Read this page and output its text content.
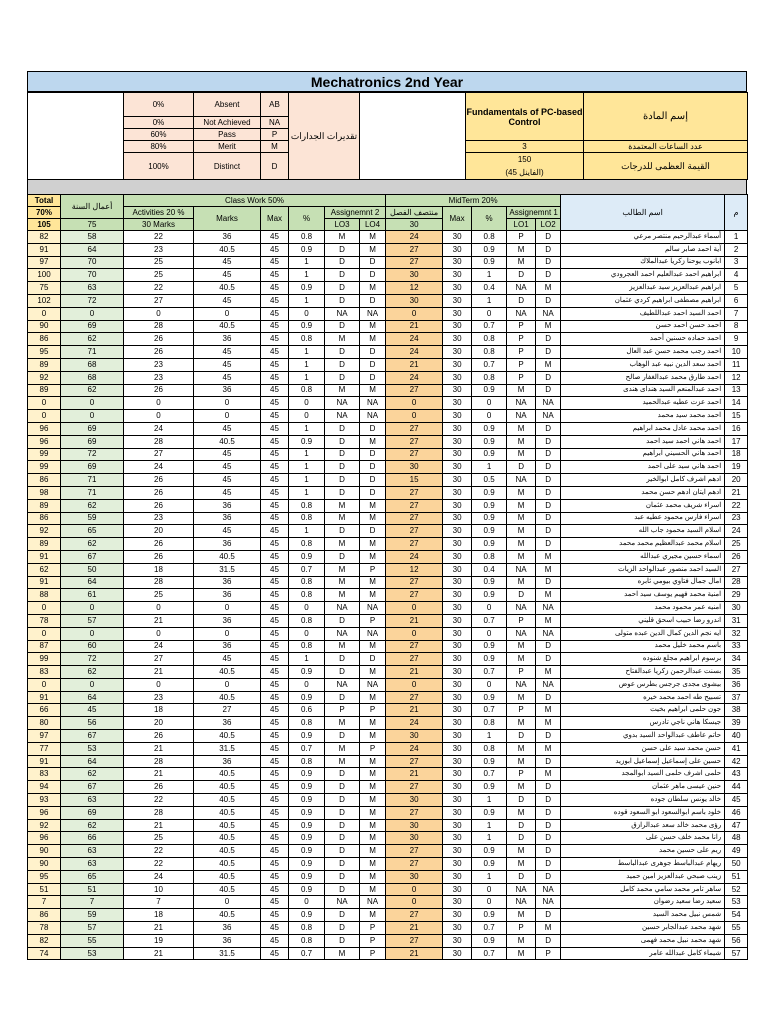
Mechatronics 2nd Year
	0%	Absent	AB	تقديرات الجدارات		Fundamentals of PC-based Control	إسم المادة
	0%	Not Achieved	NA				
	60%	Pass	P				
	80%	Merit	M			3	عدد الساعات المعتمدة
	100%	Distinct	D			150	القيمة العظمى للدرجات
						(الفاينل 45)	
Total	أعمال السنة	Class Work 50%						MidTerm 20%					اسم الطالب	م
70%		Activities 20 %	Marks	Max	%	Assignemnt 2		منتصف الفصل	Max	%	Assignemnt 1			
105	75	30 Marks				LO3	LO4	30			LO1	LO2		
82	58	22	36	45	0.8	M	M	24	30	0.8	P	D	أسماء عبدالرحيم منتصر مرعي	1
91	64	23	40.5	45	0.9	D	M	27	30	0.9	M	D	آية احمد صابر سالم	2
97	70	25	45	45	1	D	D	27	30	0.9	M	D	ابانوب يوحنا زكريا عبدالملاك	3
100	70	25	45	45	1	D	D	30	30	1	D	D	ابراهيم احمد عبدالعليم احمد العجرودي	4
75	63	22	40.5	45	0.9	D	M	12	30	0.4	NA	M	ابراهيم عبدالعزيز سيد عبدالعزيز	5
102	72	27	45	45	1	D	D	30	30	1	D	D	ابراهيم مصطفى ابراهيم كردي عثمان	6
0	0	0	0	45	0	NA	NA	0	30	0	NA	NA	احمد السيد احمد عبداللطيف	7
90	69	28	40.5	45	0.9	D	M	21	30	0.7	P	M	احمد حسن احمد حسن	8
86	62	26	36	45	0.8	M	M	24	30	0.8	P	D	احمد حماده حسنين أحمد	9
95	71	26	45	45	1	D	D	24	30	0.8	P	D	احمد رجب محمد حسن عبد العال	10
89	68	23	45	45	1	D	D	21	30	0.7	P	M	احمد سعد الدين نبيه عبد الوهاب	11
92	68	23	45	45	1	D	D	24	30	0.8	P	D	احمد طارق محمد عبدالغفار صالح	12
89	62	26	36	45	0.8	M	M	27	30	0.9	M	D	احمد عبدالمنعم السيد هنداى هندى	13
0	0	0	0	45	0	NA	NA	0	30	0	NA	NA	احمد عزت عطيه عبدالحميد	14
0	0	0	0	45	0	NA	NA	0	30	0	NA	NA	احمد محمد سيد محمد	15
96	69	24	45	45	1	D	D	27	30	0.9	M	D	احمد محمد عادل محمد ابراهيم	16
96	69	28	40.5	45	0.9	D	M	27	30	0.9	M	D	احمد هاني احمد سيد احمد	17
99	72	27	45	45	1	D	D	27	30	0.9	M	D	احمد هاني الحسيني ابراهيم	18
99	69	24	45	45	1	D	D	30	30	1	D	D	احمد هاني سيد على احمد	19
86	71	26	45	45	1	D	D	15	30	0.5	NA	D	ادهم اشرف كامل ابوالخير	20
98	71	26	45	45	1	D	D	27	30	0.9	M	D	ادهم ايتان ادهم حسن محمد	21
89	62	26	36	45	0.8	M	M	27	30	0.9	M	D	اسراء شريف محمد عثمان	22
86	59	23	36	45	0.8	M	M	27	30	0.9	M	D	اسراء فارس محمود عطيه عبد	23
92	65	20	45	45	1	D	D	27	30	0.9	M	D	اسلام السيد محمود جاب الله	24
89	62	26	36	45	0.8	M	M	27	30	0.9	M	D	اسلام محمد عبدالعظيم محمد محمد	25
91	67	26	40.5	45	0.9	D	M	24	30	0.8	M	M	اسماء حسين مجيري عبدالله	26
62	50	18	31.5	45	0.7	M	P	12	30	0.4	NA	M	السيد احمد منصور عبدالواحد الزيات	27
91	64	28	36	45	0.8	M	M	27	30	0.9	M	D	امال جمال فتاوي بيومي ثابره	28
88	61	25	36	45	0.8	M	M	27	30	0.9	D	M	امنية محمد فهيم يوسف سيد احمد	29
0	0	0	0	45	0	NA	NA	0	30	0	NA	NA	امنيه عمر محمود محمد	30
78	57	21	36	45	0.8	D	P	21	30	0.7	P	M	اندرو رضا حبيب اسحق قليني	31
0	0	0	0	45	0	NA	NA	0	30	0	NA	NA	ايه نجم الدين كمال الدين عبده متولى	32
87	60	24	36	45	0.8	M	M	27	30	0.9	M	D	باسم محمد خليل محمد	33
99	72	27	45	45	1	D	D	27	30	0.9	M	D	برسوم ابراهيم مجلع شنوده	34
83	62	21	40.5	45	0.9	D	M	21	30	0.7	P	M	بسنت عبدالرحمن زكريا عبدالفتاح	35
0	0	0	0	45	0	NA	NA	0	30	0	NA	NA	بيشوى مجدى جرجس بطرس عوض	36
91	64	23	40.5	45	0.9	D	M	27	30	0.9	M	D	تسبيح طه احمد محمد خيره	37
66	45	18	27	45	0.6	P	P	21	30	0.7	P	M	جون حلمى ابراهيم بخيت	38
80	56	20	36	45	0.8	M	M	24	30	0.8	M	M	جيسكا هاني ناجي تادرس	39
97	67	26	40.5	45	0.9	D	M	30	30	1	D	D	حاتم عاطف عبدالواحد السيد بدوي	40
77	53	21	31.5	45	0.7	M	P	24	30	0.8	M	M	حسن محمد سيد على حسن	41
91	64	28	36	45	0.8	M	M	27	30	0.9	M	D	حسين على إسماعيل إسماعيل ابوزيد	42
83	62	21	40.5	45	0.9	D	M	21	30	0.7	P	M	حلمى اشرف حلمى السيد ابوالمجد	43
94	67	26	40.5	45	0.9	D	M	27	30	0.9	M	D	حنين عيسى ماهر عثمان	44
93	63	22	40.5	45	0.9	D	M	30	30	1	D	D	خالد يونس سلطان جوده	45
96	69	28	40.5	45	0.9	D	M	27	30	0.9	M	D	خلود باسم ابوالسعود ابو السعود قوده	46
92	62	21	40.5	45	0.9	D	M	30	30	1	D	D	رؤى محمد خالد سعد عبدالرازق	47
96	66	25	40.5	45	0.9	D	M	30	30	1	D	D	رانا محمد خلف حسن على	48
90	63	22	40.5	45	0.9	D	M	27	30	0.9	M	D	ريم على حسين محمد	49
90	63	22	40.5	45	0.9	D	M	27	30	0.9	M	D	ريهام عبدالباسط جوهرى عبدالباسط	50
95	65	24	40.5	45	0.9	D	M	30	30	1	D	D	زينب صبحي عبدالعزيز امين حميد	51
51	51	10	40.5	45	0.9	D	M	0	30	0	NA	NA	ساهر تامر محمد سامي محمد كامل	52
7	7	7	0	45	0	NA	NA	0	30	0	NA	NA	سعيد رضا سعيد رضوان	53
86	59	18	40.5	45	0.9	D	M	27	30	0.9	M	D	شمس نبيل محمد السيد	54
78	57	21	36	45	0.8	D	P	21	30	0.7	P	M	شهد محمد عبدالجابر حسين	55
82	55	19	36	45	0.8	D	P	27	30	0.9	M	D	شهد محمد نبيل محمد فهمى	56
74	53	21	31.5	45	0.7	M	P	21	30	0.7	M	P	شيماء كامل عبدالله عامر	57
